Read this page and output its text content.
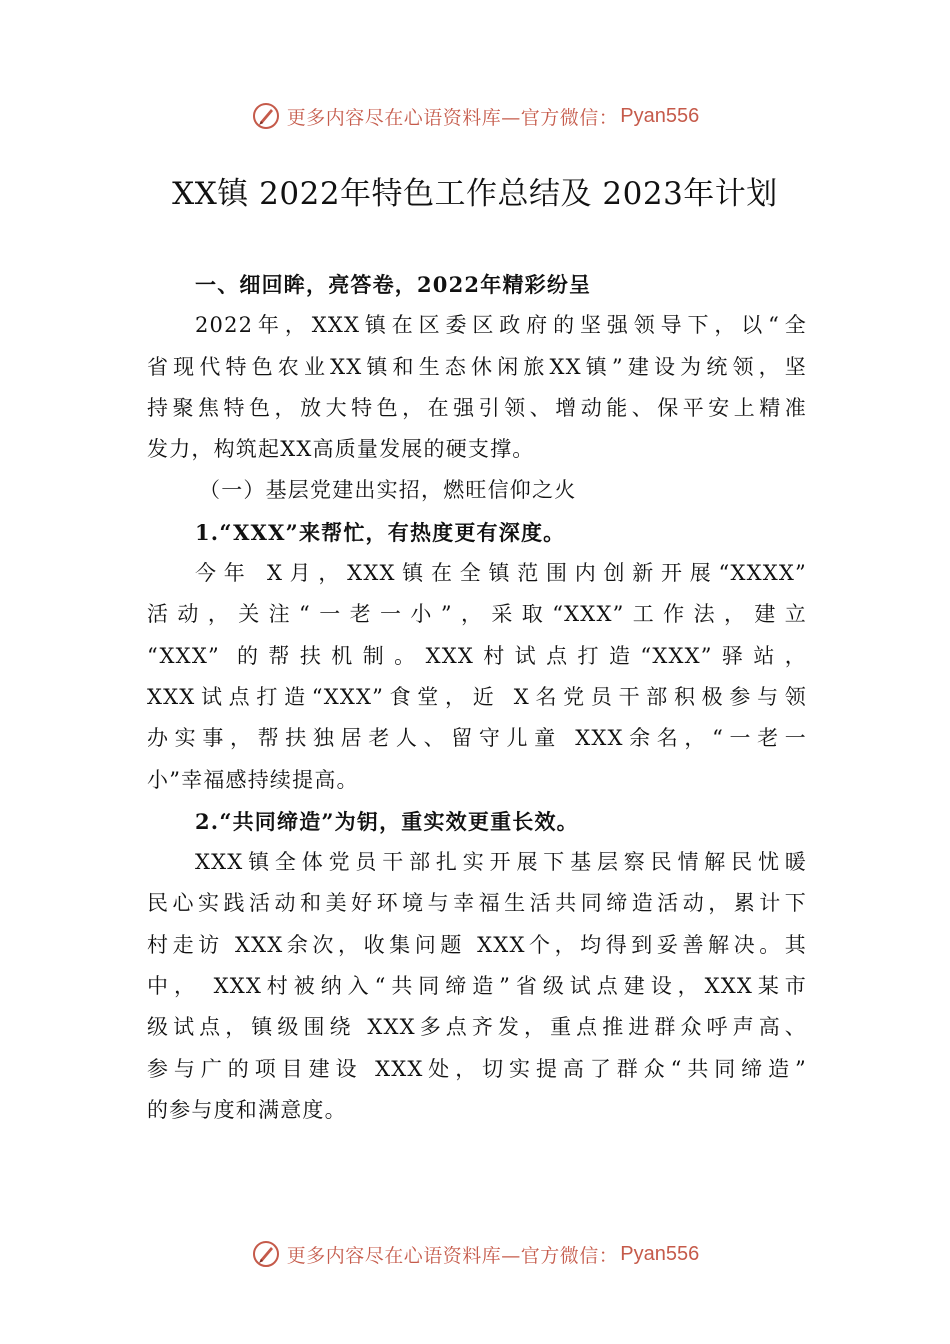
更多内容尽在心语资料库—官方微信： Pyan556
XX镇 2022年特色工作总结及 2023年计划
一、细回眸，亮答卷，2022年精彩纷呈
2022年，XXX镇在区委区政府的坚强领导下，以“全
省现代特色农业XX镇和生态休闲旅XX镇”建设为统领，坚
持聚焦特色，放大特色，在强引领、增动能、保平安上精准
发力，构筑起XX高质量发展的硬支撑。
（一）基层党建出实招，燃旺信仰之火
1.“XXX”来帮忙，有热度更有深度。
今年 X月，XXX镇在全镇范围内创新开展“XXXX”
活动，关注“一老一小”，采取“XXX”工作法，建立
“XXX” 的帮扶机制。XXX村试点打造“XXX”驿站，
XXX试点打造“XXX”食堂，近 X名党员干部积极参与领
办实事，帮扶独居老人、留守儿童 XXX余名，“一老一
小”幸福感持续提高。
2.“共同缔造”为钥，重实效更重长效。
XXX镇全体党员干部扎实开展下基层察民情解民忧暖
民心实践活动和美好环境与幸福生活共同缔造活动，累计下
村走访 XXX余次，收集问题 XXX个，均得到妥善解决。其
中， XXX村被纳入“共同缔造”省级试点建设，XXX某市
级试点，镇级围绕 XXX多点齐发，重点推进群众呼声高、
参与广的项目建设 XXX处，切实提高了群众“共同缔造”
的参与度和满意度。
更多内容尽在心语资料库—官方微信： Pyan556
